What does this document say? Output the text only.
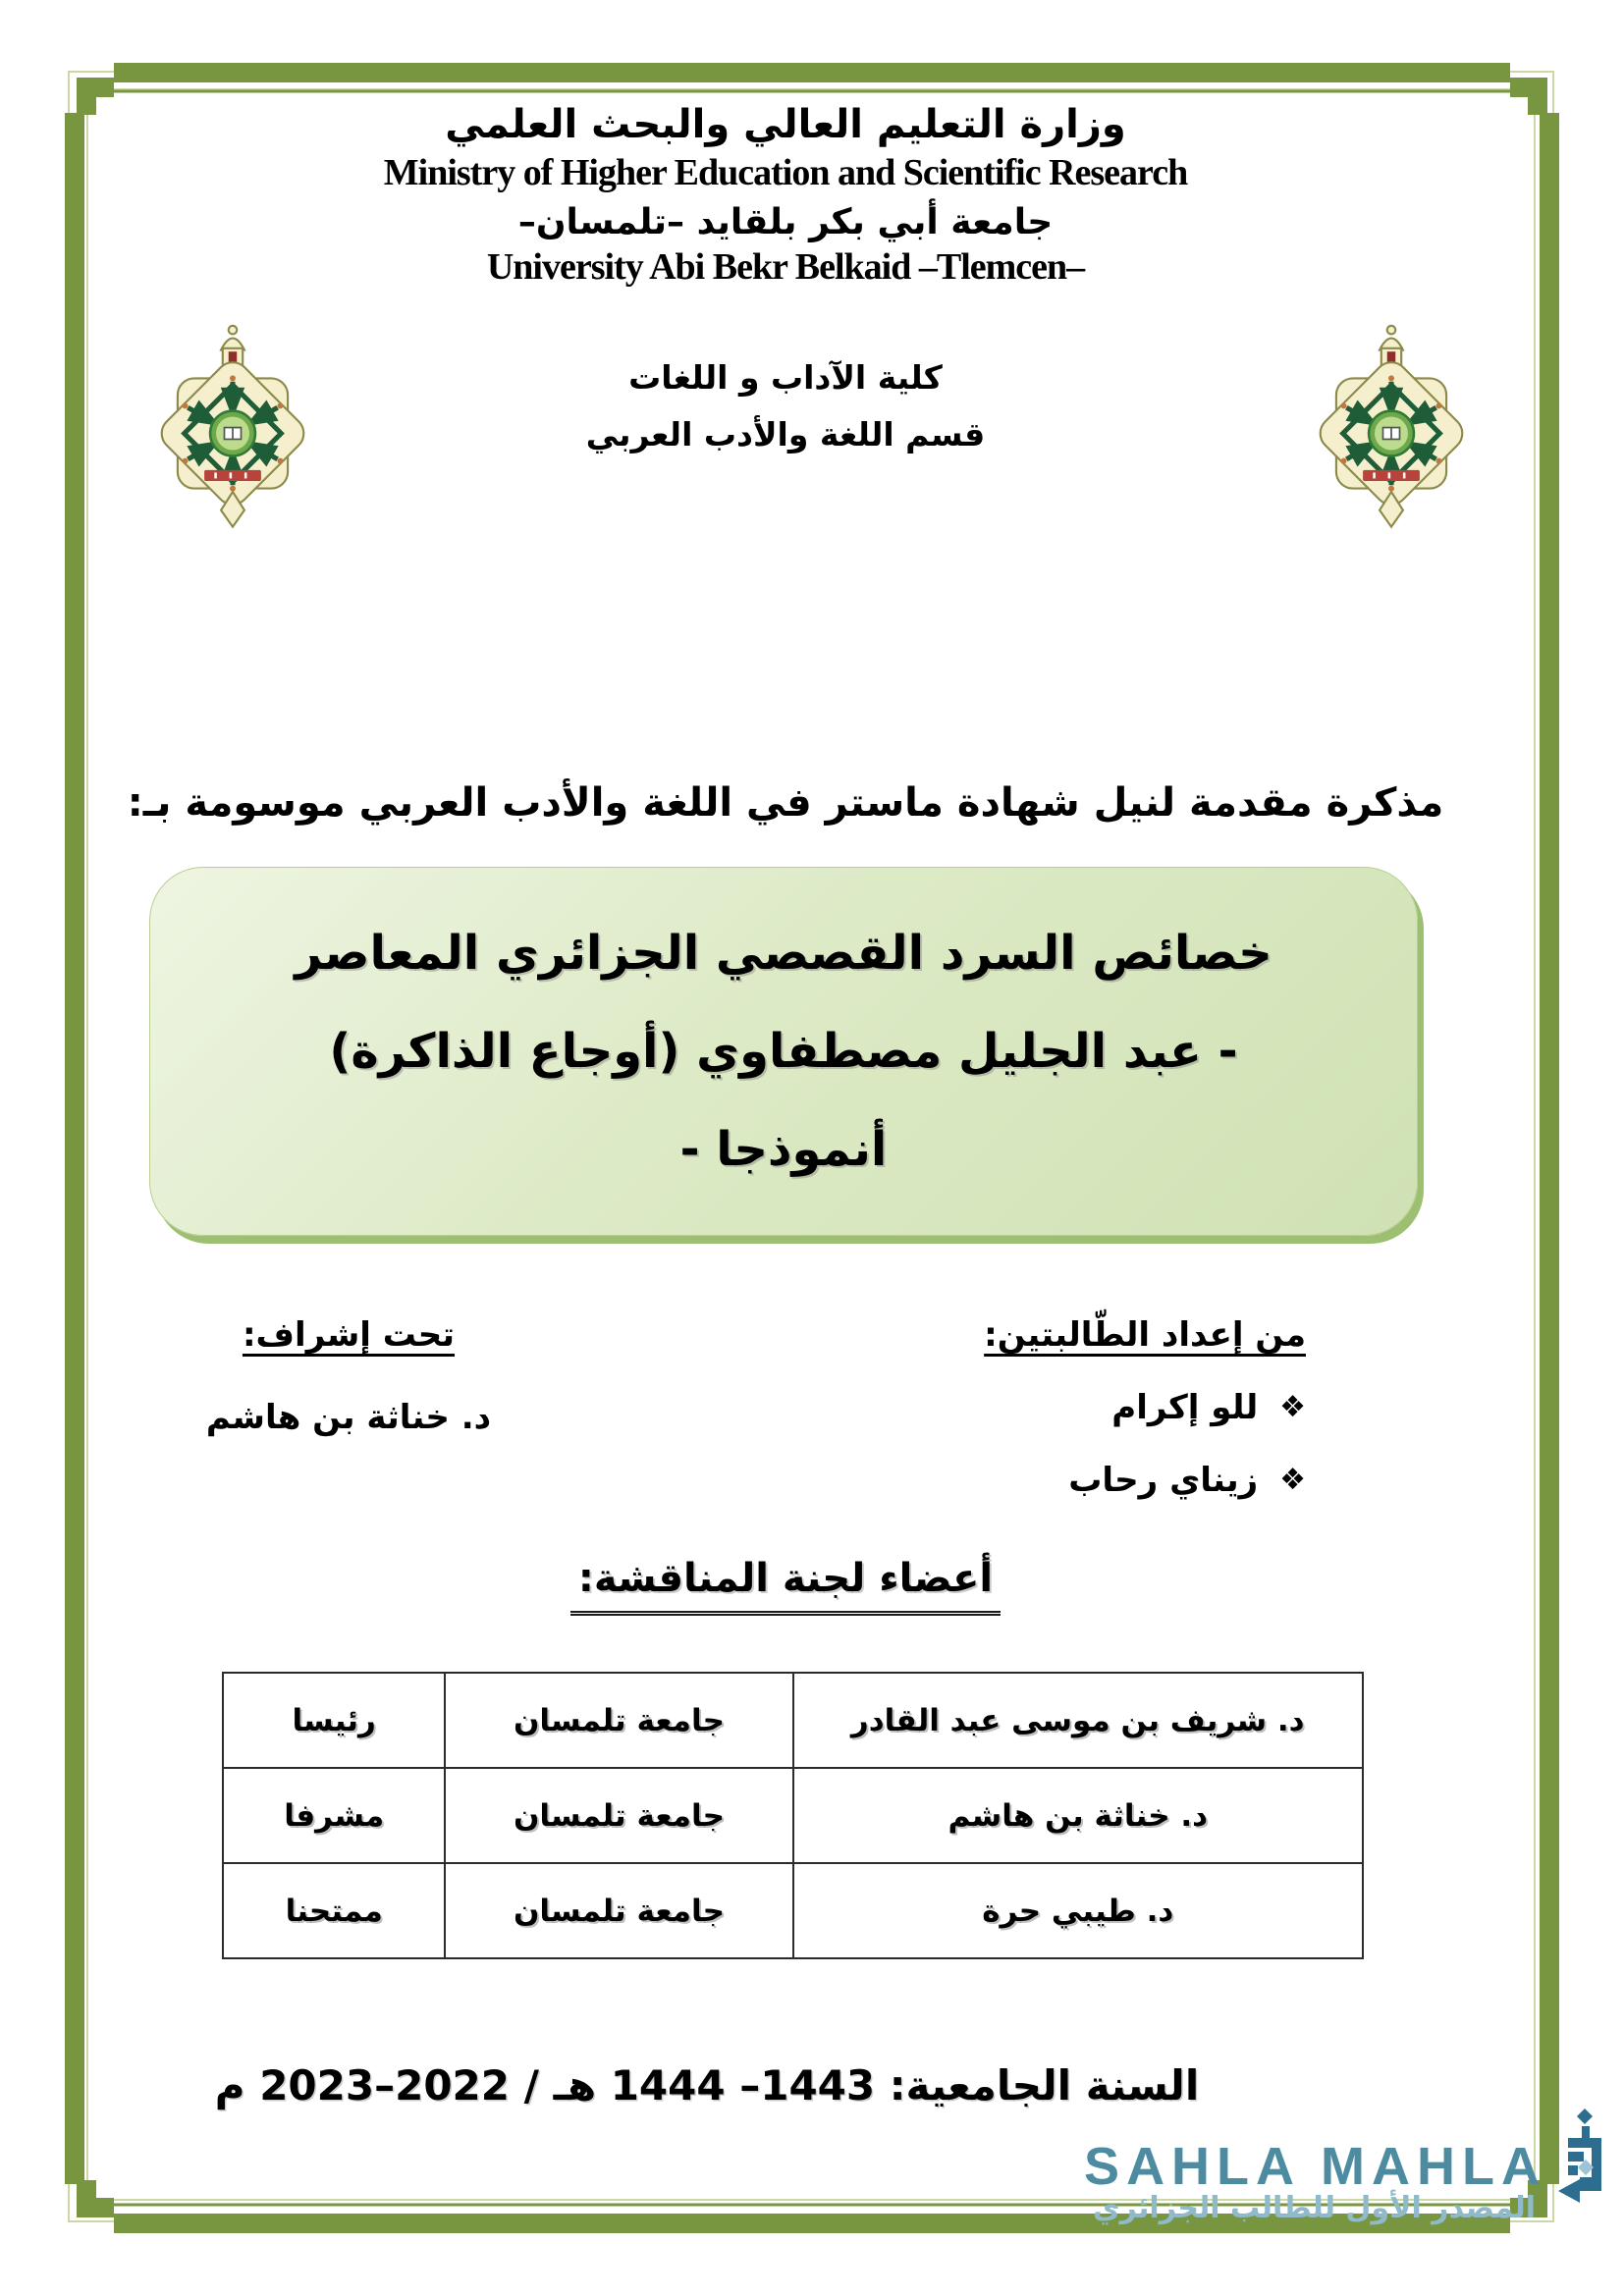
وزارة التعليم العالي والبحث العلمي
Ministry of Higher Education and Scientific Research
جامعة أبي بكر بلقايد –تلمسان–
University Abi Bekr Belkaid –Tlemcen–
كلية الآداب و اللغات
قسم اللغة والأدب العربي
مذكرة مقدمة لنيل شهادة ماستر في اللغة والأدب العربي موسومة بـ:
خصائص السرد القصصي الجزائري المعاصر
- عبد الجليل مصطفاوي (أوجاع الذاكرة)
أنموذجا -
تحت إشراف:
د. خناثة بن هاشم
من إعداد الطّالبتين:
❖ للو إكرام
❖ زيناي رحاب
أعضاء لجنة المناقشة:
د. شريف بن موسى عبد القادر	جامعة تلمسان	رئيسا
د. خناثة بن هاشم	جامعة تلمسان	مشرفا
د. طيبي حرة	جامعة تلمسان	ممتحنا
السنة الجامعية: 1443– 1444 هـ / 2022–2023 م
SAHLA MAHLA
المصدر الأول للطالب الجزائري
